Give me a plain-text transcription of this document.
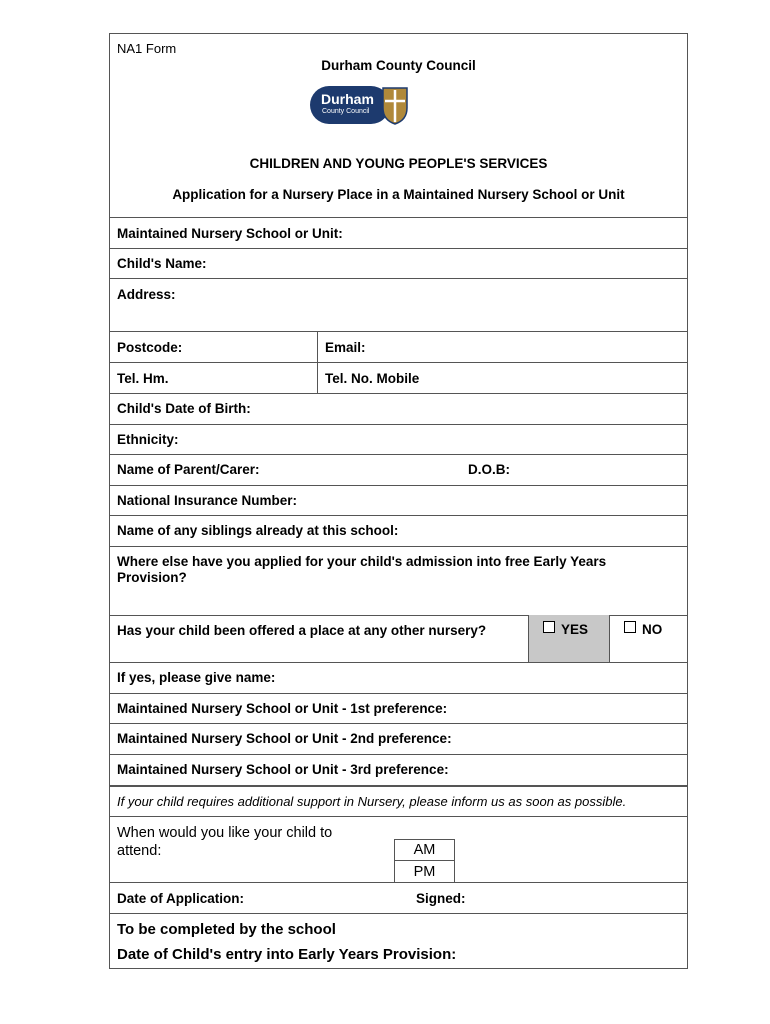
NA1 Form
Durham County Council
Durham
County Council
CHILDREN AND YOUNG PEOPLE'S SERVICES
Application for a Nursery Place in a Maintained Nursery School or Unit
Maintained Nursery School or Unit:
Child's Name:
Address:
Postcode:	Email:
Tel. Hm.	Tel. No. Mobile
Child's Date of Birth:
Ethnicity:
Name of Parent/Carer:	D.O.B:
National Insurance Number:
Name of any siblings already at this school:
Where else have you applied for your child's admission into free Early Years Provision?
Has your child been offered a place at any other nursery?	YES	NO
If yes, please give name:
Maintained Nursery School or Unit - 1st preference:
Maintained Nursery School or Unit - 2nd preference:
Maintained Nursery School or Unit - 3rd preference:
If your child requires additional support in Nursery, please inform us as soon as possible.
When would you like your child to attend:	AM
PM
Date of Application:	Signed:
To be completed by the school
Date of Child's entry into Early Years Provision:
